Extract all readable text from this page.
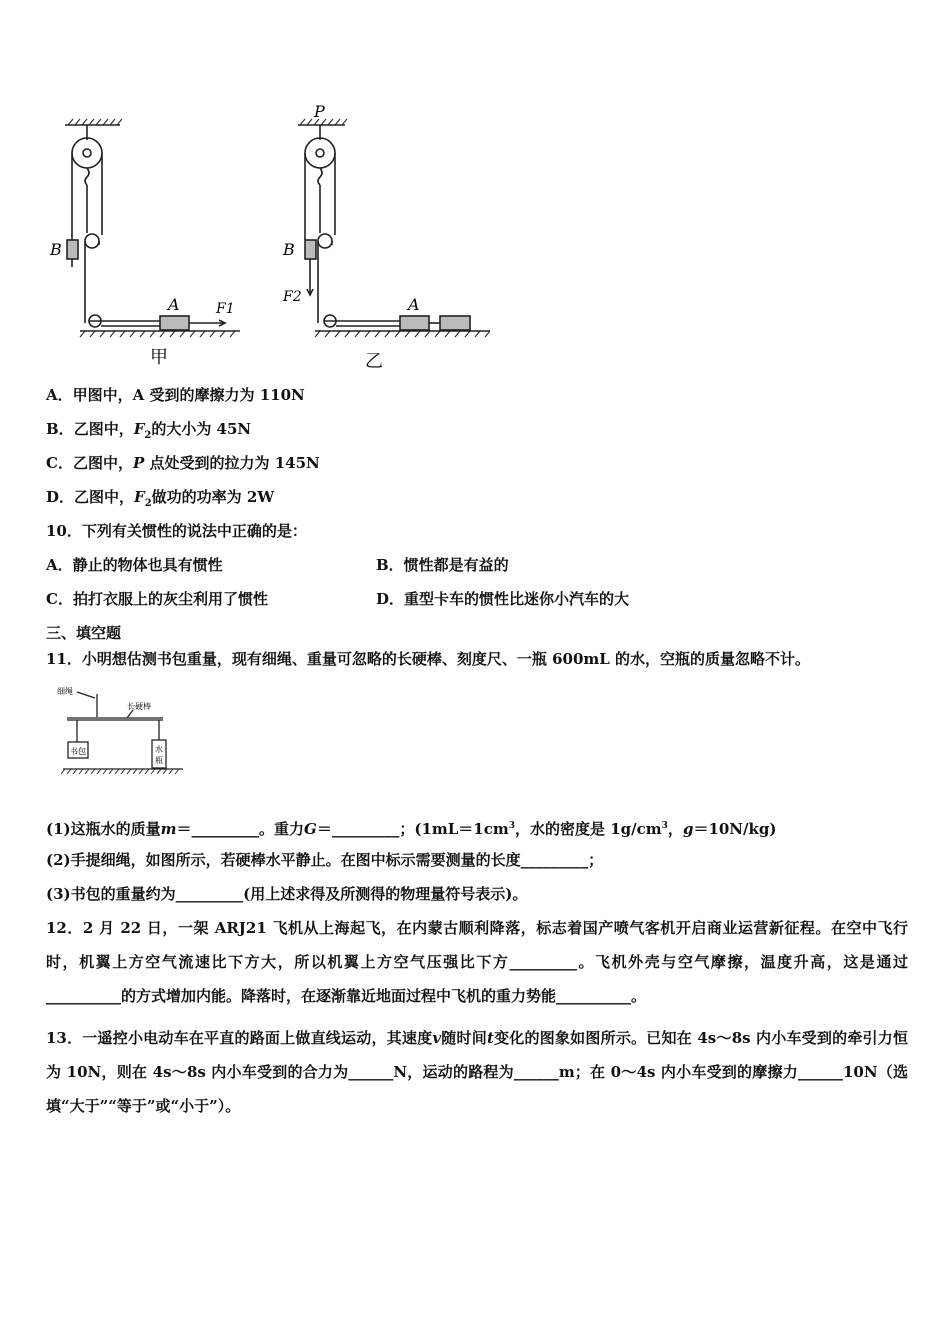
B
A	F1
甲
P
B
F2	A
乙
A．甲图中，A 受到的摩擦力为 110N
B．乙图中，$F_2$的大小为 45N
C．乙图中，P 点处受到的拉力为 145N
D．乙图中，$F_2$做功的功率为 2W
10．下列有关惯性的说法中正确的是：
A．静止的物体也具有惯性	B．惯性都是有益的
C．拍打衣服上的灰尘利用了惯性	D．重型卡车的惯性比迷你小汽车的大
三、填空题
11．小明想估测书包重量，现有细绳、重量可忽略的长硬棒、刻度尺、一瓶 600mL 的水，空瓶的质量忽略不计。
细绳
长硬棒
书包	水
瓶
(1)这瓶水的质量m＝_________。重力G＝_________；($1mL=1cm^3$，水的密度是 $1g/cm^3$，g＝10N/kg)
(2)手提细绳，如图所示，若硬棒水平静止。在图中标示需要测量的长度_________；
(3)书包的重量约为_________(用上述求得及所测得的物理量符号表示)。
12．2 月 22 日，一架 ARJ21 飞机从上海起飞，在内蒙古顺利降落，标志着国产喷气客机开启商业运营新征程。在空中飞行时，机翼上方空气流速比下方大，所以机翼上方空气压强比下方_________。飞机外壳与空气摩擦，温度升高，这是通过__________的方式增加内能。降落时，在逐渐靠近地面过程中飞机的重力势能__________。
13．一遥控小电动车在平直的路面上做直线运动，其速度v随时间t变化的图象如图所示。已知在 4s～8s 内小车受到的牵引力恒为 10N，则在 4s～8s 内小车受到的合力为______N，运动的路程为______m；在 0～4s 内小车受到的摩擦力______10N（选填“大于”“等于”或“小于”）。
